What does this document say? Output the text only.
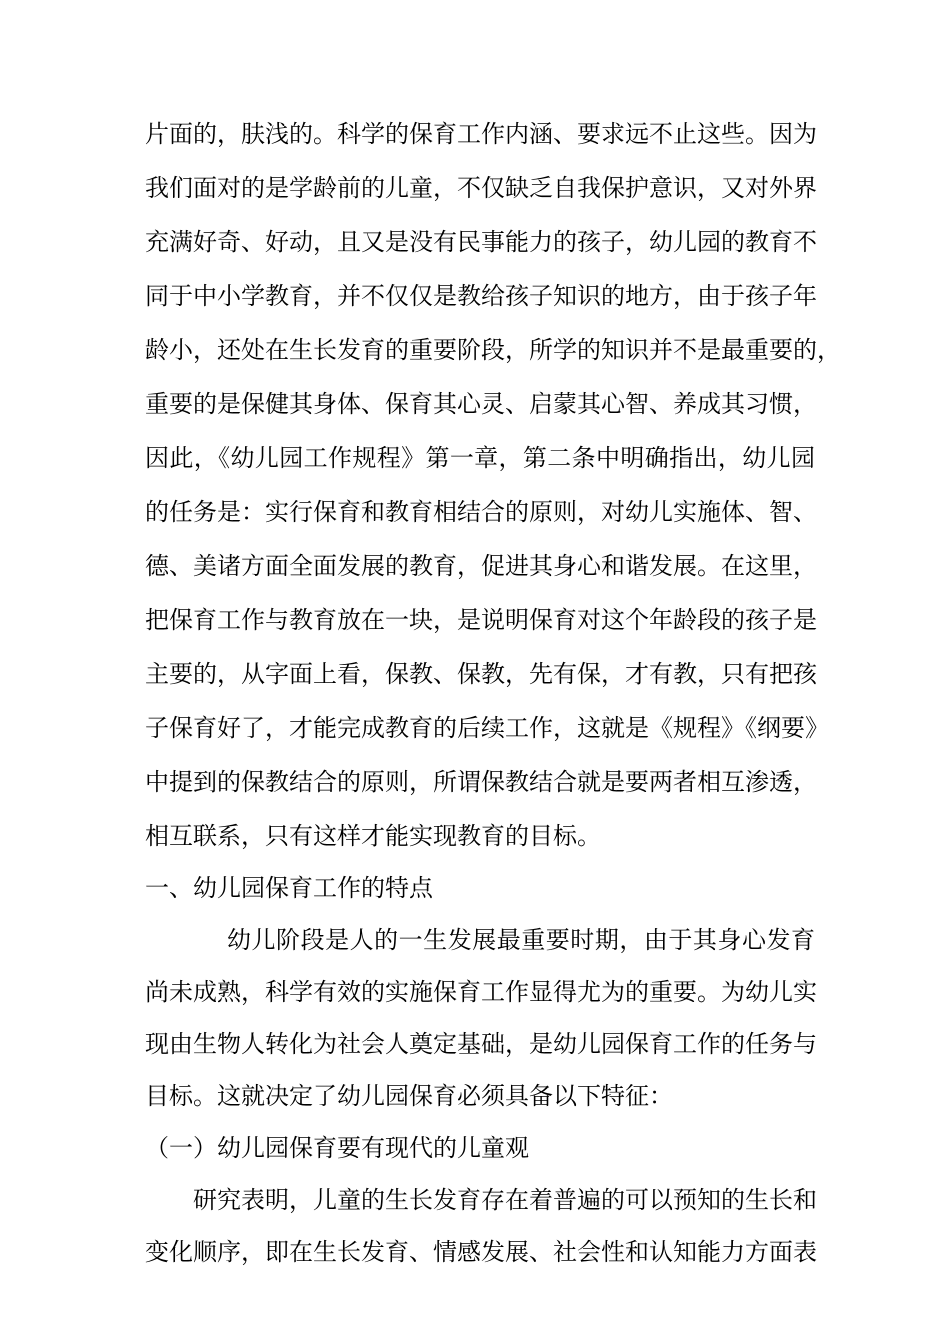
片面的，肤浅的。科学的保育工作内涵、要求远不止这些。因为
我们面对的是学龄前的儿童，不仅缺乏自我保护意识，又对外界
充满好奇、好动，且又是没有民事能力的孩子，幼儿园的教育不
同于中小学教育，并不仅仅是教给孩子知识的地方，由于孩子年
龄小，还处在生长发育的重要阶段，所学的知识并不是最重要的，
重要的是保健其身体、保育其心灵、启蒙其心智、养成其习惯，
因此，《幼儿园工作规程》第一章，第二条中明确指出，幼儿园
的任务是：实行保育和教育相结合的原则，对幼儿实施体、智、
德、美诸方面全面发展的教育，促进其身心和谐发展。在这里，
把保育工作与教育放在一块，是说明保育对这个年龄段的孩子是
主要的，从字面上看，保教、保教，先有保，才有教，只有把孩
子保育好了，才能完成教育的后续工作，这就是《规程》《纲要》
中提到的保教结合的原则，所谓保教结合就是要两者相互渗透，
相互联系，只有这样才能实现教育的目标。
一、幼儿园保育工作的特点
幼儿阶段是人的一生发展最重要时期，由于其身心发育
尚未成熟，科学有效的实施保育工作显得尤为的重要。为幼儿实
现由生物人转化为社会人奠定基础，是幼儿园保育工作的任务与
目标。这就决定了幼儿园保育必须具备以下特征：
（一）幼儿园保育要有现代的儿童观
研究表明，儿童的生长发育存在着普遍的可以预知的生长和
变化顺序，即在生长发育、情感发展、社会性和认知能力方面表
